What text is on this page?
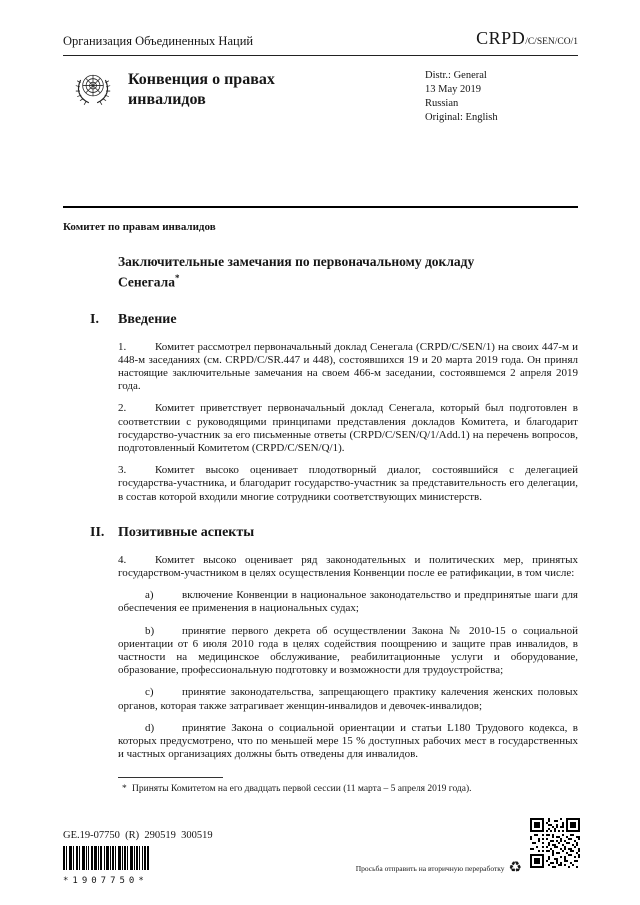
Организация Объединенных Наций	CRPD/C/SEN/CO/1
Конвенция о правах инвалидов
Distr.: General
13 May 2019
Russian
Original: English
Комитет по правам инвалидов
Заключительные замечания по первоначальному докладу Сенегала*
I. Введение

1.	Комитет рассмотрел первоначальный доклад Сенегала (CRPD/C/SEN/1) на своих 447-м и 448-м заседаниях (см. CRPD/C/SR.447 и 448), состоявшихся 19 и 20 марта 2019 года. Он принял настоящие заключительные замечания на своем 466-м заседании, состоявшемся 2 апреля 2019 года.

2.	Комитет приветствует первоначальный доклад Сенегала, который был подготовлен в соответствии с руководящими принципами представления докладов Комитета, и благодарит государство-участник за его письменные ответы (CRPD/C/SEN/Q/1/Add.1) на перечень вопросов, подготовленный Комитетом (CRPD/C/SEN/Q/1).

3.	Комитет высоко оценивает плодотворный диалог, состоявшийся с делегацией государства-участника, и благодарит государство-участник за представительность его делегации, в состав которой входили многие сотрудники соответствующих министерств.

II. Позитивные аспекты

4.	Комитет высоко оценивает ряд законодательных и политических мер, принятых государством-участником в целях осуществления Конвенции после ее ратификации, в том числе:

a)	включение Конвенции в национальное законодательство и предпринятые шаги для обеспечения ее применения в национальных судах;

b)	принятие первого декрета об осуществлении Закона № 2010-15 о социальной ориентации от 6 июля 2010 года в целях содействия поощрению и защите прав инвалидов, в частности на медицинское обслуживание, реабилитационные услуги и оборудование, образование, профессиональную подготовку и возможности для трудоустройства;

c)	принятие законодательства, запрещающего практику калечения женских половых органов, которая также затрагивает женщин-инвалидов и девочек-инвалидов;

d)	принятие Закона о социальной ориентации и статьи L180 Трудового кодекса, в которых предусмотрено, что по меньшей мере 15 % доступных рабочих мест в государственных и частных организациях должны быть отведены для инвалидов.

* Приняты Комитетом на его двадцать первой сессии (11 марта – 5 апреля 2019 года).

GE.19-07750  (R)  290519  300519
*1907750*
Просьба отправить на вторичную переработку ♻
